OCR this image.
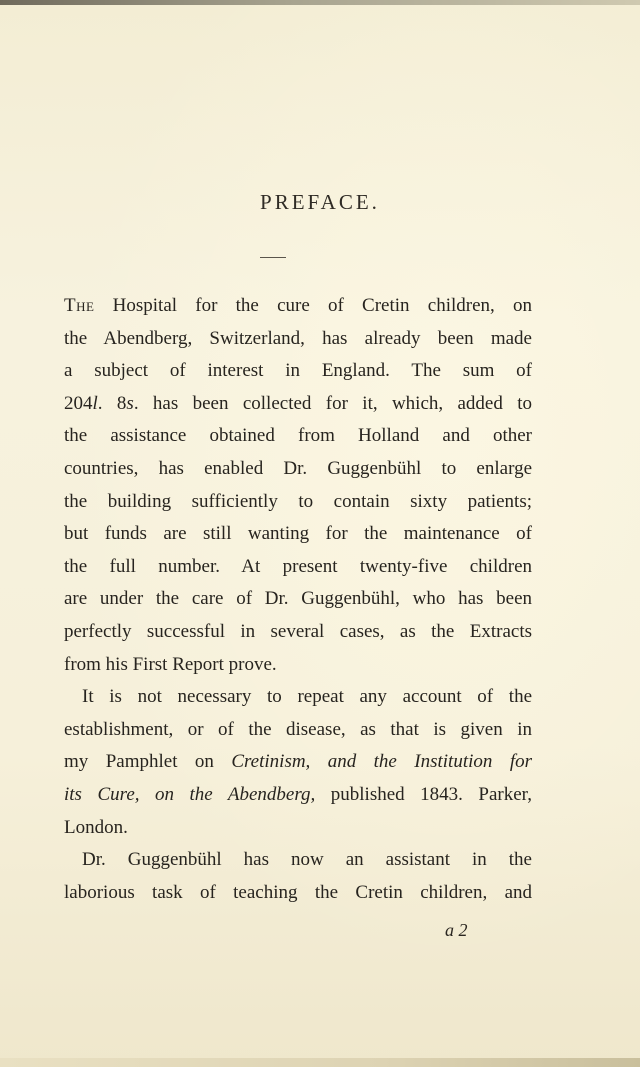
PREFACE.
The Hospital for the cure of Cretin children, on
the Abendberg, Switzerland, has already been made
a subject of interest in England. The sum of
204l. 8s. has been collected for it, which, added to
the assistance obtained from Holland and other
countries, has enabled Dr. Guggenbühl to enlarge
the building sufficiently to contain sixty patients;
but funds are still wanting for the maintenance of
the full number. At present twenty-five children
are under the care of Dr. Guggenbühl, who has been
perfectly successful in several cases, as the Extracts
from his First Report prove.
It is not necessary to repeat any account of the
establishment, or of the disease, as that is given in
my Pamphlet on Cretinism, and the Institution for
its Cure, on the Abendberg, published 1843. Parker,
London.
Dr. Guggenbühl has now an assistant in the
laborious task of teaching the Cretin children, and
a 2
